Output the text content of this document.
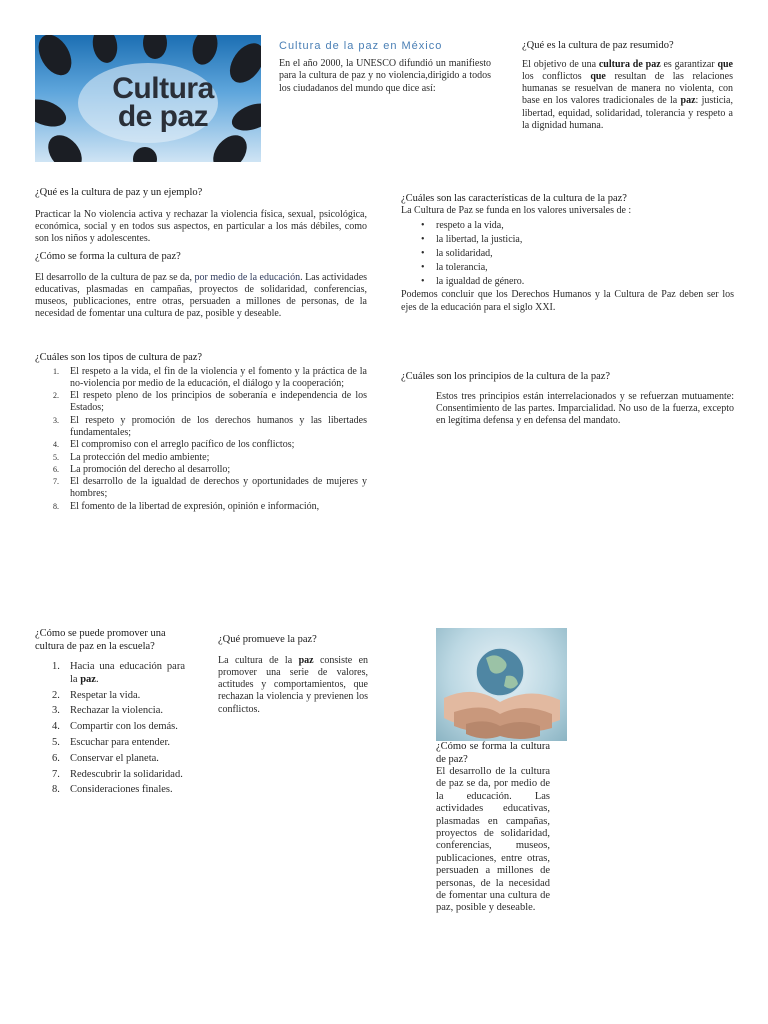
Cultura
de paz

Cultura de la paz en México

En el año 2000, la UNESCO difundió un manifiesto para la cultura de paz y no violencia,dirigido a todos los ciudadanos del mundo que dice así:

¿Qué es la cultura de paz resumido?

El objetivo de una cultura de paz es garantizar que los conflictos que resultan de las relaciones humanas se resuelvan de manera no violenta, con base en los valores tradicionales de la paz: justicia, libertad, equidad, solidaridad, tolerancia y respeto a la dignidad humana.

¿Qué es la cultura de paz y un ejemplo?

Practicar la No violencia activa y rechazar la violencia física, sexual, psicológica, económica, social y en todos sus aspectos, en particular a los más débiles, como son los niños y adolescentes.

¿Cómo se forma la cultura de paz?

El desarrollo de la cultura de paz se da, por medio de la educación. Las actividades educativas, plasmadas en campañas, proyectos de solidaridad, conferencias, museos, publicaciones, entre otras, persuaden a millones de personas, de la necesidad de fomentar una cultura de paz, posible y deseable.

¿Cuáles son los tipos de cultura de paz?

1. El respeto a la vida, el fin de la violencia y el fomento y la práctica de la no-violencia por medio de la educación, el diálogo y la cooperación;
2. El respeto pleno de los principios de soberanía e independencia de los Estados;
3. El respeto y promoción de los derechos humanos y las libertades fundamentales;
4. El compromiso con el arreglo pacífico de los conflictos;
5. La protección del medio ambiente;
6. La promoción del derecho al desarrollo;
7. El desarrollo de la igualdad de derechos y oportunidades de mujeres y hombres;
8. El fomento de la libertad de expresión, opinión e información,

¿Cuáles son las características de la cultura de la paz?

La Cultura de Paz se funda en los valores universales de :

• respeto a la vida,
• la libertad, la justicia,
• la solidaridad,
• la tolerancia,
• la igualdad de género.

Podemos concluir que los Derechos Humanos y la Cultura de Paz deben ser los ejes de la educación para el siglo XXI.

¿Cuáles son los principios de la cultura de la paz?

Estos tres principios están interrelacionados y se refuerzan mutuamente: Consentimiento de las partes. Imparcialidad. No uso de la fuerza, excepto en legítima defensa y en defensa del mandato.

¿Cómo se puede promover una cultura de paz en la escuela?

1. Hacia una educación para la paz.
2. Respetar la vida.
3. Rechazar la violencia.
4. Compartir con los demás.
5. Escuchar para entender.
6. Conservar el planeta.
7. Redescubrir la solidaridad.
8. Consideraciones finales.

¿Qué promueve la paz?

La cultura de la paz consiste en promover una serie de valores, actitudes y comportamientos, que rechazan la violencia y previenen los conflictos.

¿Cómo se forma la cultura de paz?

El desarrollo de la cultura de paz se da, por medio de la educación. Las actividades educativas, plasmadas en campañas, proyectos de solidaridad, conferencias, museos, publicaciones, entre otras, persuaden a millones de personas, de la necesidad de fomentar una cultura de paz, posible y deseable.
